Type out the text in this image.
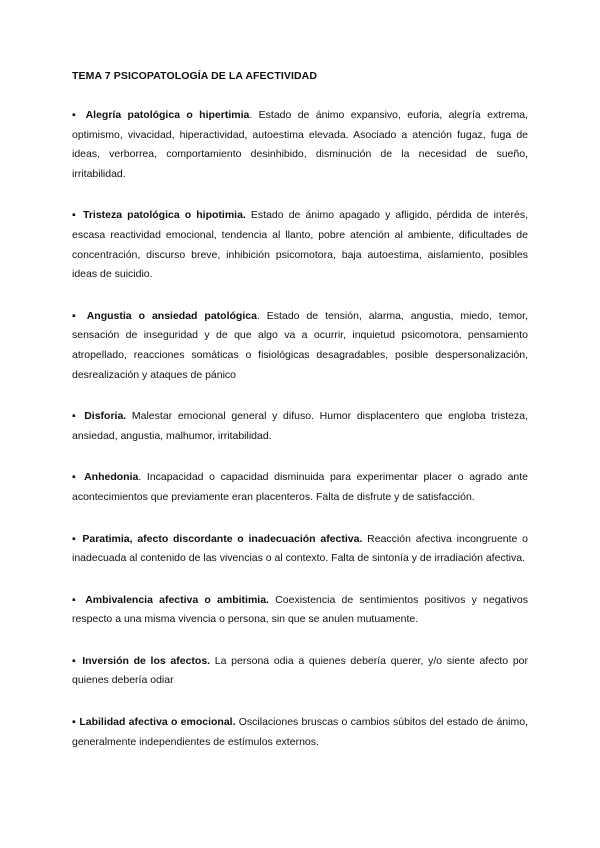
TEMA 7 PSICOPATOLOGÍA DE LA AFECTIVIDAD
▪ Alegría patológica o hipertimia. Estado de ánimo expansivo, euforia, alegría extrema, optimismo, vivacidad, hiperactividad, autoestima elevada. Asociado a atención fugaz, fuga de ideas, verborrea, comportamiento desinhibido, disminución de la necesidad de sueño, irritabilidad.
▪ Tristeza patológica o hipotimia. Estado de ánimo apagado y afligido, pérdida de interés, escasa reactividad emocional, tendencia al llanto, pobre atención al ambiente, dificultades de concentración, discurso breve, inhibición psicomotora, baja autoestima, aislamiento, posibles ideas de suicidio.
▪ Angustia o ansiedad patológica. Estado de tensión, alarma, angustia, miedo, temor, sensación de inseguridad y de que algo va a ocurrir, inquietud psicomotora, pensamiento atropellado, reacciones somáticas o fisiológicas desagradables, posible despersonalización, desrealización y ataques de pánico
▪ Disforia. Malestar emocional general y difuso. Humor displacentero que engloba tristeza, ansiedad, angustia, malhumor, irritabilidad.
▪ Anhedonia. Incapacidad o capacidad disminuida para experimentar placer o agrado ante acontecimientos que previamente eran placenteros. Falta de disfrute y de satisfacción.
▪ Paratimia, afecto discordante o inadecuación afectiva. Reacción afectiva incongruente o inadecuada al contenido de las vivencias o al contexto. Falta de sintonía y de irradiación afectiva.
▪ Ambivalencia afectiva o ambitimia. Coexistencia de sentimientos positivos y negativos respecto a una misma vivencia o persona, sin que se anulen mutuamente.
▪ Inversión de los afectos. La persona odia a quienes debería querer, y/o siente afecto por quienes debería odiar
▪ Labilidad afectiva o emocional. Oscilaciones bruscas o cambios súbitos del estado de ánimo, generalmente independientes de estímulos externos.
